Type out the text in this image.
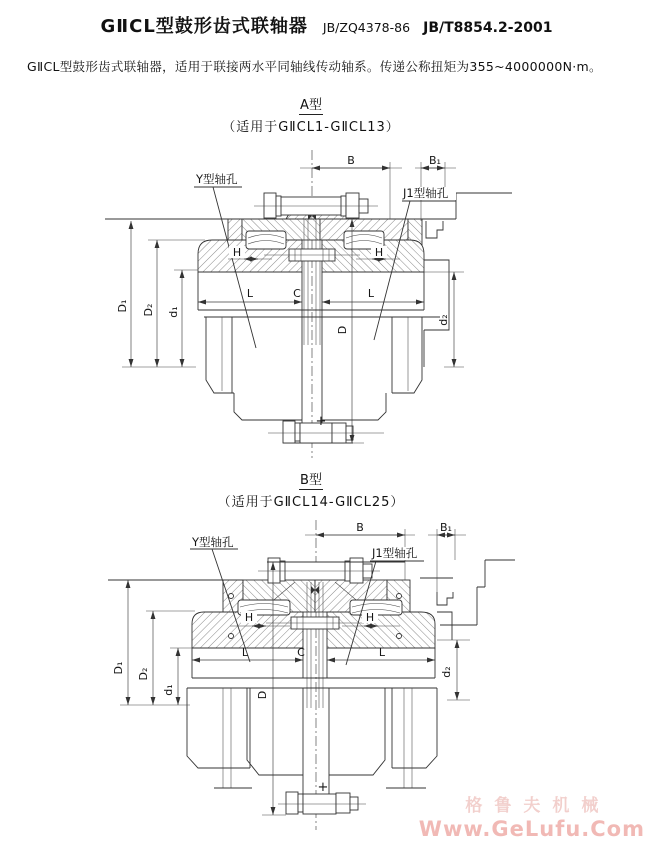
GⅡCL型鼓形齿式联轴器 JB/ZQ4378-86 JB/T8854.2-2001
GⅡCL型鼓形齿式联轴器，适用于联接两水平同轴线传动轴系。传递公称扭矩为355~4000000N·m。
A型
（适用于GⅡCL1-GⅡCL13）
B	B₁
Y型轴孔
J1型轴孔
H	H
L	C	L
D₁ D₂ d₁
D
d₂
+
B型
（适用于GⅡCL14-GⅡCL25）
B	B₁
Y型轴孔
J1型轴孔
H	H
L	C	L
D₁ D₂
d₁	D
d₂
+
格鲁夫机械
Www.GeLufu.Com
